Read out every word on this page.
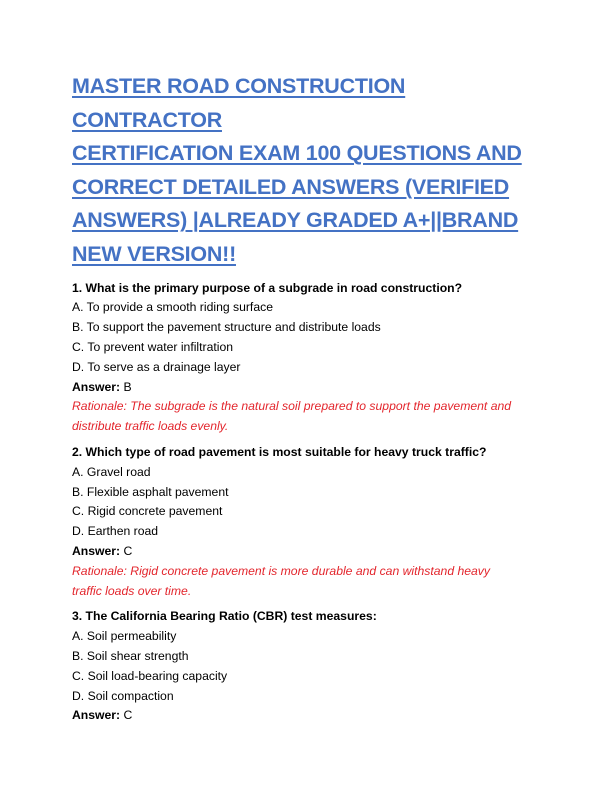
MASTER ROAD CONSTRUCTION CONTRACTOR
CERTIFICATION EXAM 100 QUESTIONS AND
CORRECT DETAILED ANSWERS (VERIFIED
ANSWERS) |ALREADY GRADED A+||BRAND
NEW VERSION!!
1. What is the primary purpose of a subgrade in road construction?
A. To provide a smooth riding surface
B. To support the pavement structure and distribute loads
C. To prevent water infiltration
D. To serve as a drainage layer
Answer: B
Rationale: The subgrade is the natural soil prepared to support the pavement and
distribute traffic loads evenly.
2. Which type of road pavement is most suitable for heavy truck traffic?
A. Gravel road
B. Flexible asphalt pavement
C. Rigid concrete pavement
D. Earthen road
Answer: C
Rationale: Rigid concrete pavement is more durable and can withstand heavy
traffic loads over time.
3. The California Bearing Ratio (CBR) test measures:
A. Soil permeability
B. Soil shear strength
C. Soil load-bearing capacity
D. Soil compaction
Answer: C
